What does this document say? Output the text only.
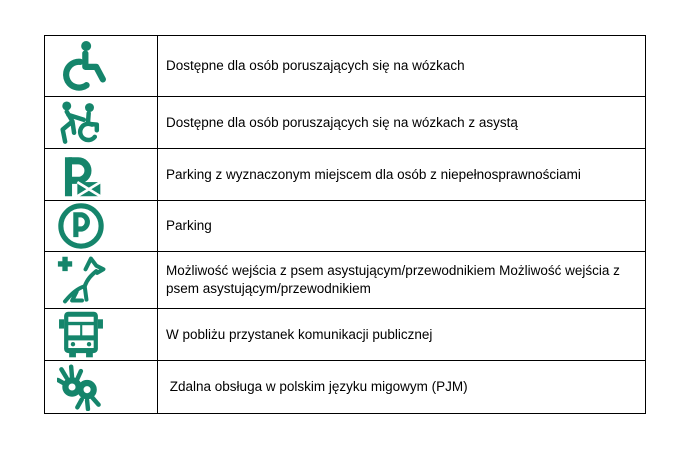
Dostępne dla osób poruszających się na wózkach
Dostępne dla osób poruszających się na wózkach z asystą
Parking z wyznaczonym miejscem dla osób z niepełnosprawnościami
Parking
Możliwość wejścia z psem asystującym/przewodnikiem Możliwość wejścia z psem asystującym/przewodnikiem
W pobliżu przystanek komunikacji publicznej
Zdalna obsługa w polskim języku migowym (PJM)
